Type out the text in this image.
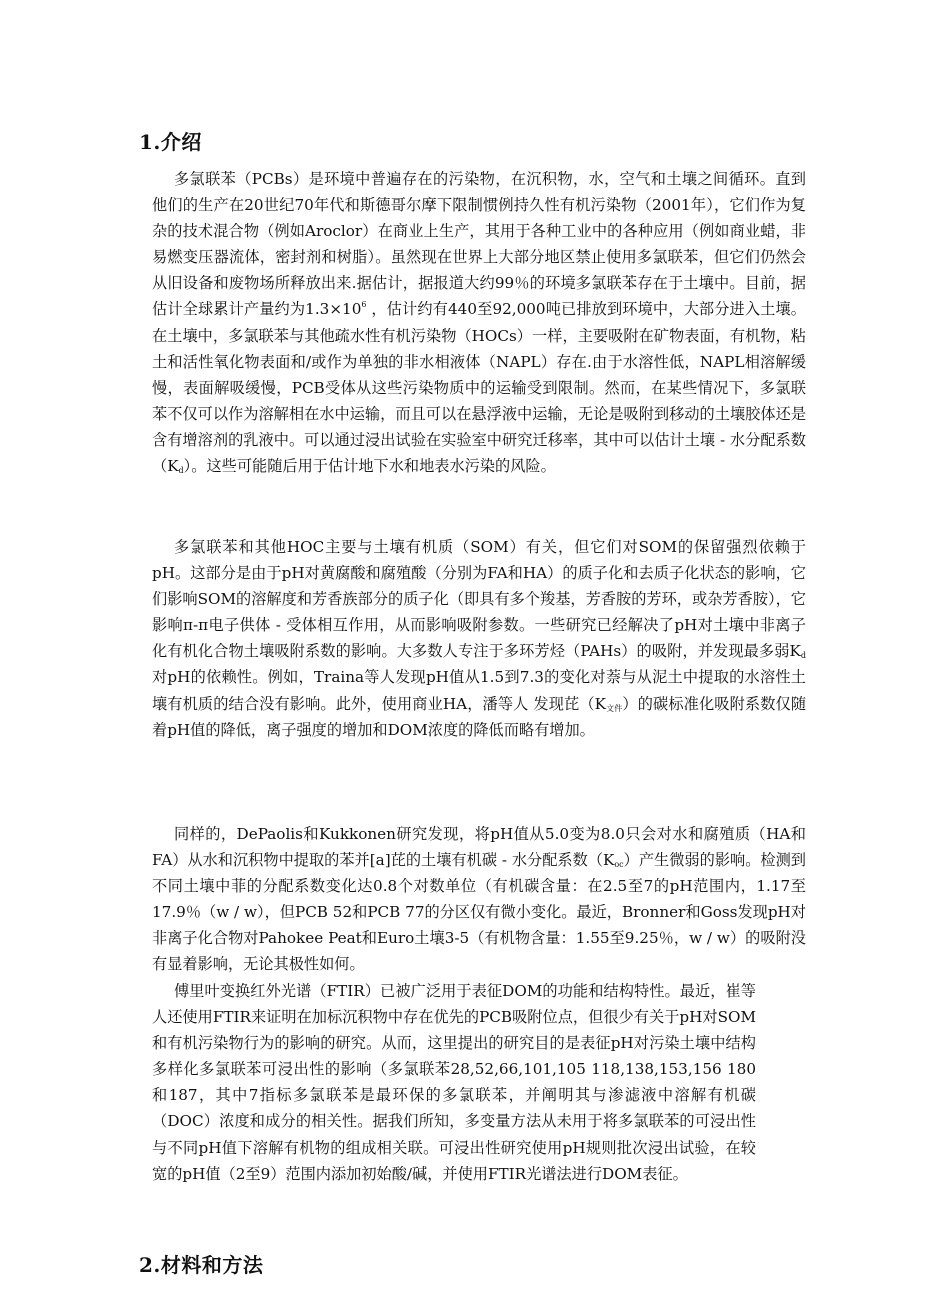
1.介绍

多氯联苯（PCBs）是环境中普遍存在的污染物，在沉积物，水，空气和土壤之间循环。直到他们的生产在20世纪70年代和斯德哥尔摩下限制惯例持久性有机污染物（2001年），它们作为复杂的技术混合物（例如Aroclor）在商业上生产，其用于各种工业中的各种应用（例如商业蜡，非易燃变压器流体，密封剂和树脂）。虽然现在世界上大部分地区禁止使用多氯联苯，但它们仍然会从旧设备和废物场所释放出来.据估计，据报道大约99％的环境多氯联苯存在于土壤中。目前，据估计全球累计产量约为$1.3\times 10^6$ ，估计约有440至92,000吨已排放到环境中，大部分进入土壤。在土壤中，多氯联苯与其他疏水性有机污染物（HOCs）一样，主要吸附在矿物表面，有机物，粘土和活性氧化物表面和/或作为单独的非水相液体（NAPL）存在.由于水溶性低，NAPL相溶解缓慢，表面解吸缓慢，PCB受体从这些污染物质中的运输受到限制。然而，在某些情况下，多氯联苯不仅可以作为溶解相在水中运输，而且可以在悬浮液中运输，无论是吸附到移动的土壤胶体还是含有增溶剂的乳液中。可以通过浸出试验在实验室中研究迁移率，其中可以估计土壤 - 水分配系数（Kd）。这些可能随后用于估计地下水和地表水污染的风险。

多氯联苯和其他HOC主要与土壤有机质（SOM）有关，但它们对SOM的保留强烈依赖于pH。这部分是由于pH对黄腐酸和腐殖酸（分别为FA和HA）的质子化和去质子化状态的影响，它们影响SOM的溶解度和芳香族部分的质子化（即具有多个羧基，芳香胺的芳环，或杂芳香胺），它影响π-π电子供体 - 受体相互作用，从而影响吸附参数。一些研究已经解决了pH对土壤中非离子化有机化合物土壤吸附系数的影响。大多数人专注于多环芳烃（PAHs）的吸附，并发现最多弱Kd 对pH的依赖性。例如，Traina等人发现pH值从1.5到7.3的变化对萘与从泥土中提取的水溶性土壤有机质的结合没有影响。此外，使用商业HA，潘等人 发现芘（K文件）的碳标准化吸附系数仅随着pH值的降低，离子强度的增加和DOM浓度的降低而略有增加。

同样的，DePaolis和Kukkonen研究发现，将pH值从5.0变为8.0只会对水和腐殖质（HA和FA）从水和沉积物中提取的苯并[a]芘的土壤有机碳 - 水分配系数（Koc）产生微弱的影响。检测到不同土壤中菲的分配系数变化达0.8个对数单位（有机碳含量：在2.5至7的pH范围内，1.17至17.9％（w / w），但PCB 52和PCB 77的分区仅有微小变化。最近，Bronner和Goss发现pH对非离子化合物对Pahokee Peat和Euro土壤3-5（有机物含量：1.55至9.25％，w / w）的吸附没有显着影响，无论其极性如何。

傅里叶变换红外光谱（FTIR）已被广泛用于表征DOM的功能和结构特性。最近，崔等人还使用FTIR来证明在加标沉积物中存在优先的PCB吸附位点，但很少有关于pH对SOM和有机污染物行为的影响的研究。从而，这里提出的研究目的是表征pH对污染土壤中结构多样化多氯联苯可浸出性的影响（多氯联苯28,52,66,101,105 118,138,153,156 180和187，其中7指标多氯联苯是最环保的多氯联苯，并阐明其与渗滤液中溶解有机碳（DOC）浓度和成分的相关性。据我们所知，多变量方法从未用于将多氯联苯的可浸出性与不同pH值下溶解有机物的组成相关联。可浸出性研究使用pH规则批次浸出试验，在较宽的pH值（2至9）范围内添加初始酸/碱，并使用FTIR光谱法进行DOM表征。

2.材料和方法
